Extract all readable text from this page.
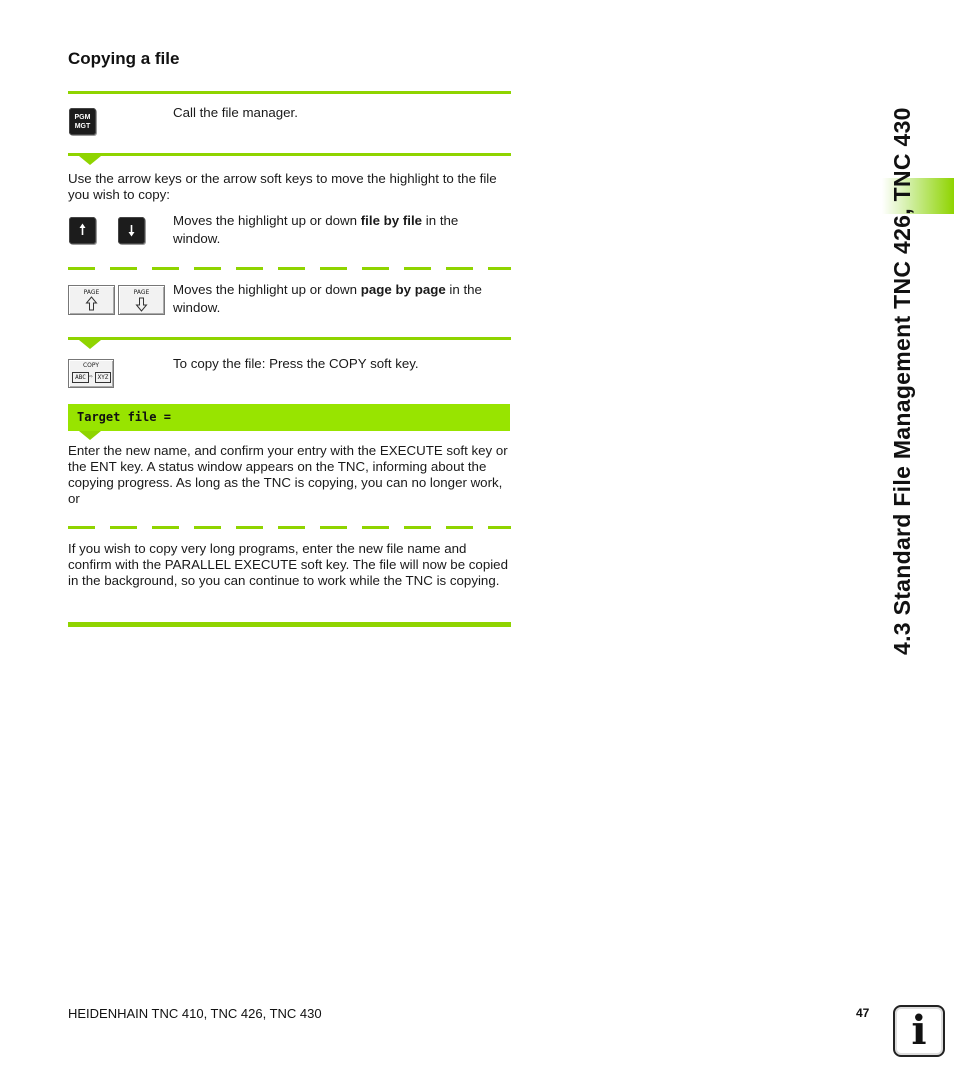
Copying a file
PGM
MGT
Call the file manager.
Use the arrow keys or the arrow soft keys to move the highlight to the file you wish to copy:
Moves the highlight up or down file by file in the window.
PAGE	PAGE	Moves the highlight up or down page by page in the window.
COPY
ABC ⇨ XYZ
To copy the file: Press the COPY soft key.
Target file =
Enter the new name, and confirm your entry with the EXECUTE soft key or the ENT key. A status window appears on the TNC, informing about the copying progress. As long as the TNC is copying, you can no longer work, or
If you wish to copy very long programs, enter the new file name and confirm with the PARALLEL EXECUTE soft key. The file will now be copied in the background, so you can continue to work while the TNC is copying.	4.3 Standard File Management TNC 426, TNC 430
HEIDENHAIN TNC 410, TNC 426, TNC 430	47	i
